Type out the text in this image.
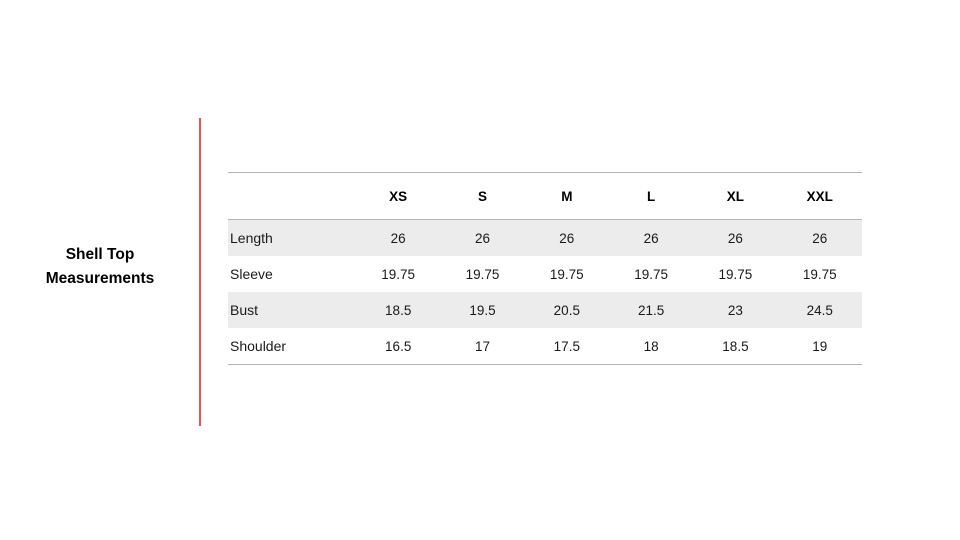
Shell Top
Measurements
	XS	S	M	L	XL	XXL
Length	26	26	26	26	26	26
Sleeve	19.75	19.75	19.75	19.75	19.75	19.75
Bust	18.5	19.5	20.5	21.5	23	24.5
Shoulder	16.5	17	17.5	18	18.5	19
